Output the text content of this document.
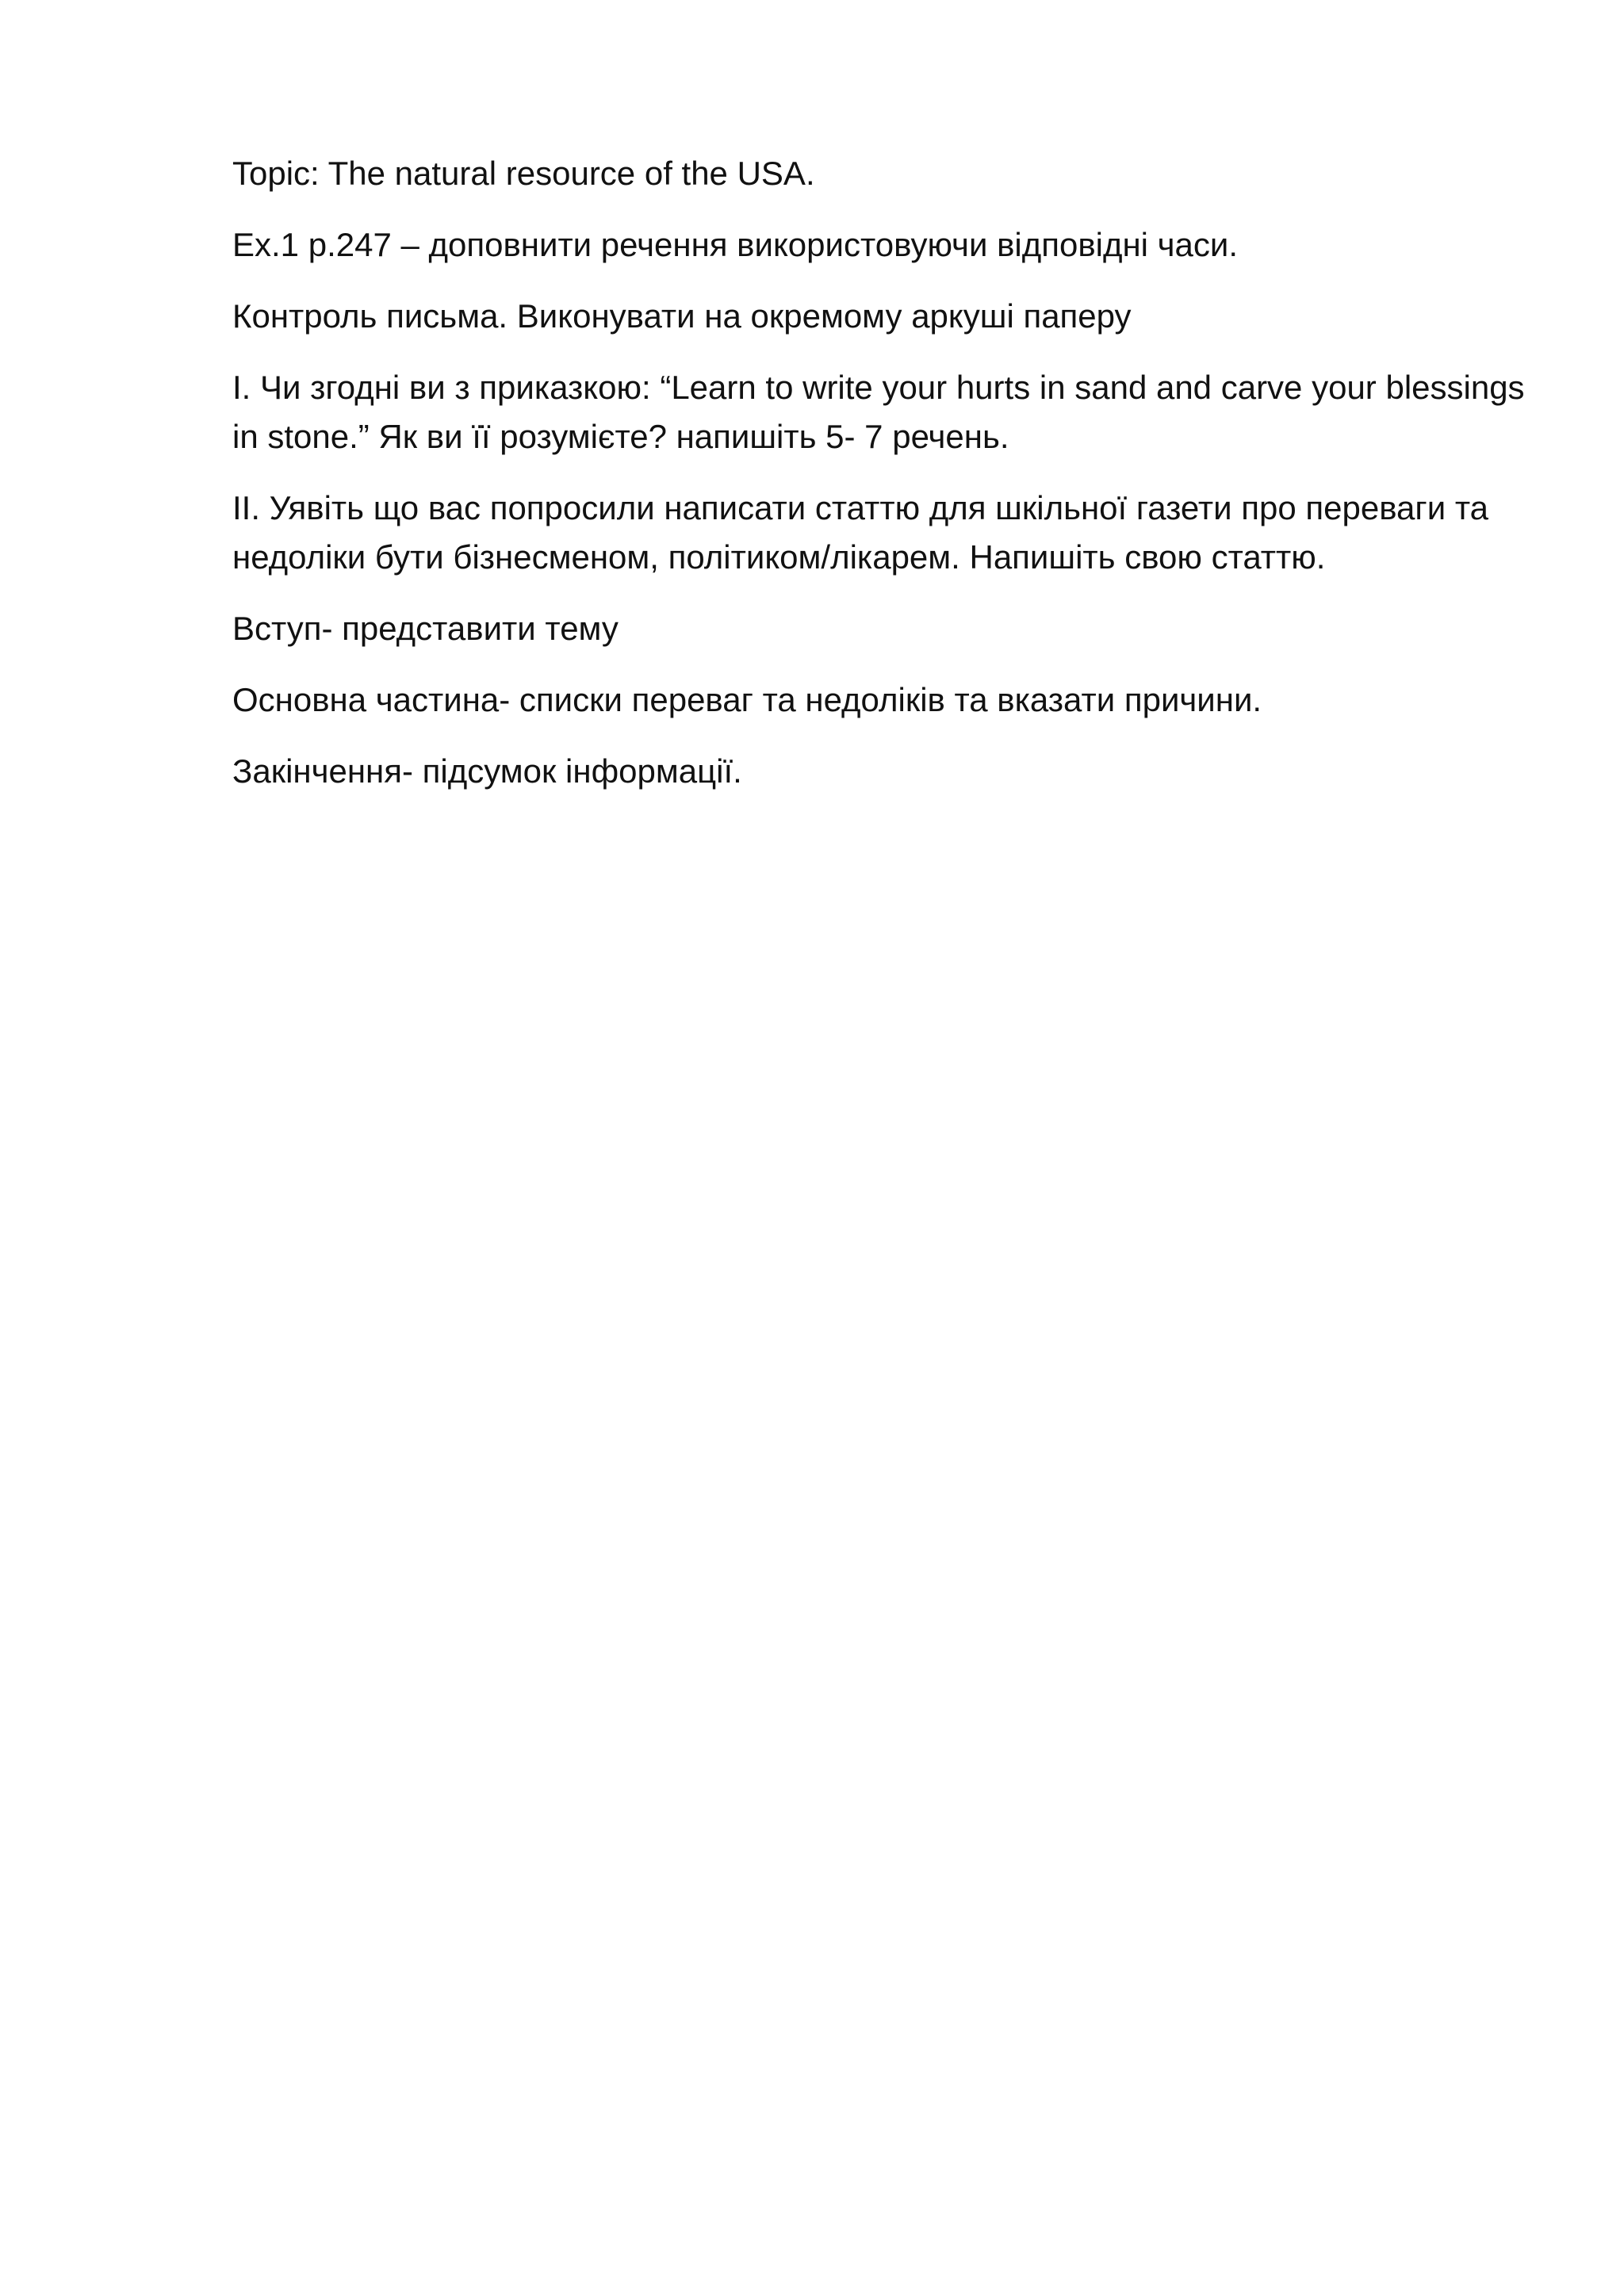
Topic: The natural resource of the USA.

Ex.1 p.247 – доповнити речення використовуючи відповідні часи.

Контроль письма. Виконувати на окремому аркуші паперу

I. Чи згодні ви з приказкою: “Learn to write your hurts in sand and carve your blessings in stone.” Як ви її розумієте? напишіть 5- 7 речень.

II. Уявіть що вас попросили написати статтю для шкільної газети про переваги та недоліки бути бізнесменом, політиком/лікарем. Напишіть свою статтю.

Вступ- представити тему

Основна частина- списки переваг та недоліків та вказати причини.

Закінчення- підсумок інформації.
